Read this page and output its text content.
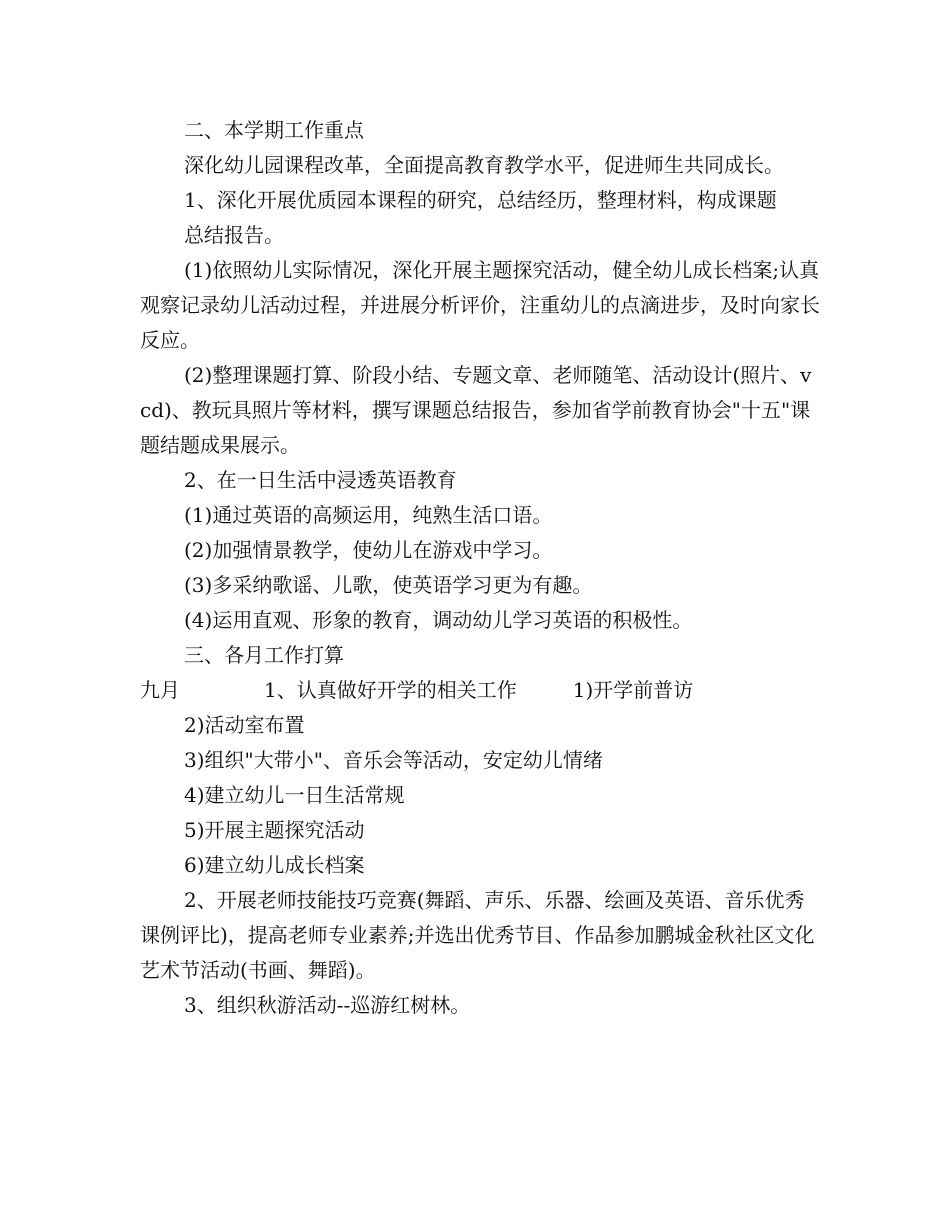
二、本学期工作重点

深化幼儿园课程改革，全面提高教育教学水平，促进师生共同成长。

1、深化开展优质园本课程的研究，总结经历，整理材料，构成课题

总结报告。

(1)依照幼儿实际情况，深化开展主题探究活动，健全幼儿成长档案;认真观察记录幼儿活动过程，并进展分析评价，注重幼儿的点滴进步，及时向家长反应。

(2)整理课题打算、阶段小结、专题文章、老师随笔、活动设计(照片、vcd)、教玩具照片等材料，撰写课题总结报告，参加省学前教育协会"十五"课题结题成果展示。

2、在一日生活中浸透英语教育

(1)通过英语的高频运用，纯熟生活口语。

(2)加强情景教学，使幼儿在游戏中学习。

(3)多采纳歌谣、儿歌，使英语学习更为有趣。

(4)运用直观、形象的教育，调动幼儿学习英语的积极性。

三、各月工作打算

九月	1、认真做好开学的相关工作	1)开学前普访

2)活动室布置

3)组织"大带小"、音乐会等活动，安定幼儿情绪

4)建立幼儿一日生活常规

5)开展主题探究活动

6)建立幼儿成长档案

2、开展老师技能技巧竞赛(舞蹈、声乐、乐器、绘画及英语、音乐优秀课例评比)，提高老师专业素养;并选出优秀节目、作品参加鹏城金秋社区文化艺术节活动(书画、舞蹈)。

3、组织秋游活动--巡游红树林。
